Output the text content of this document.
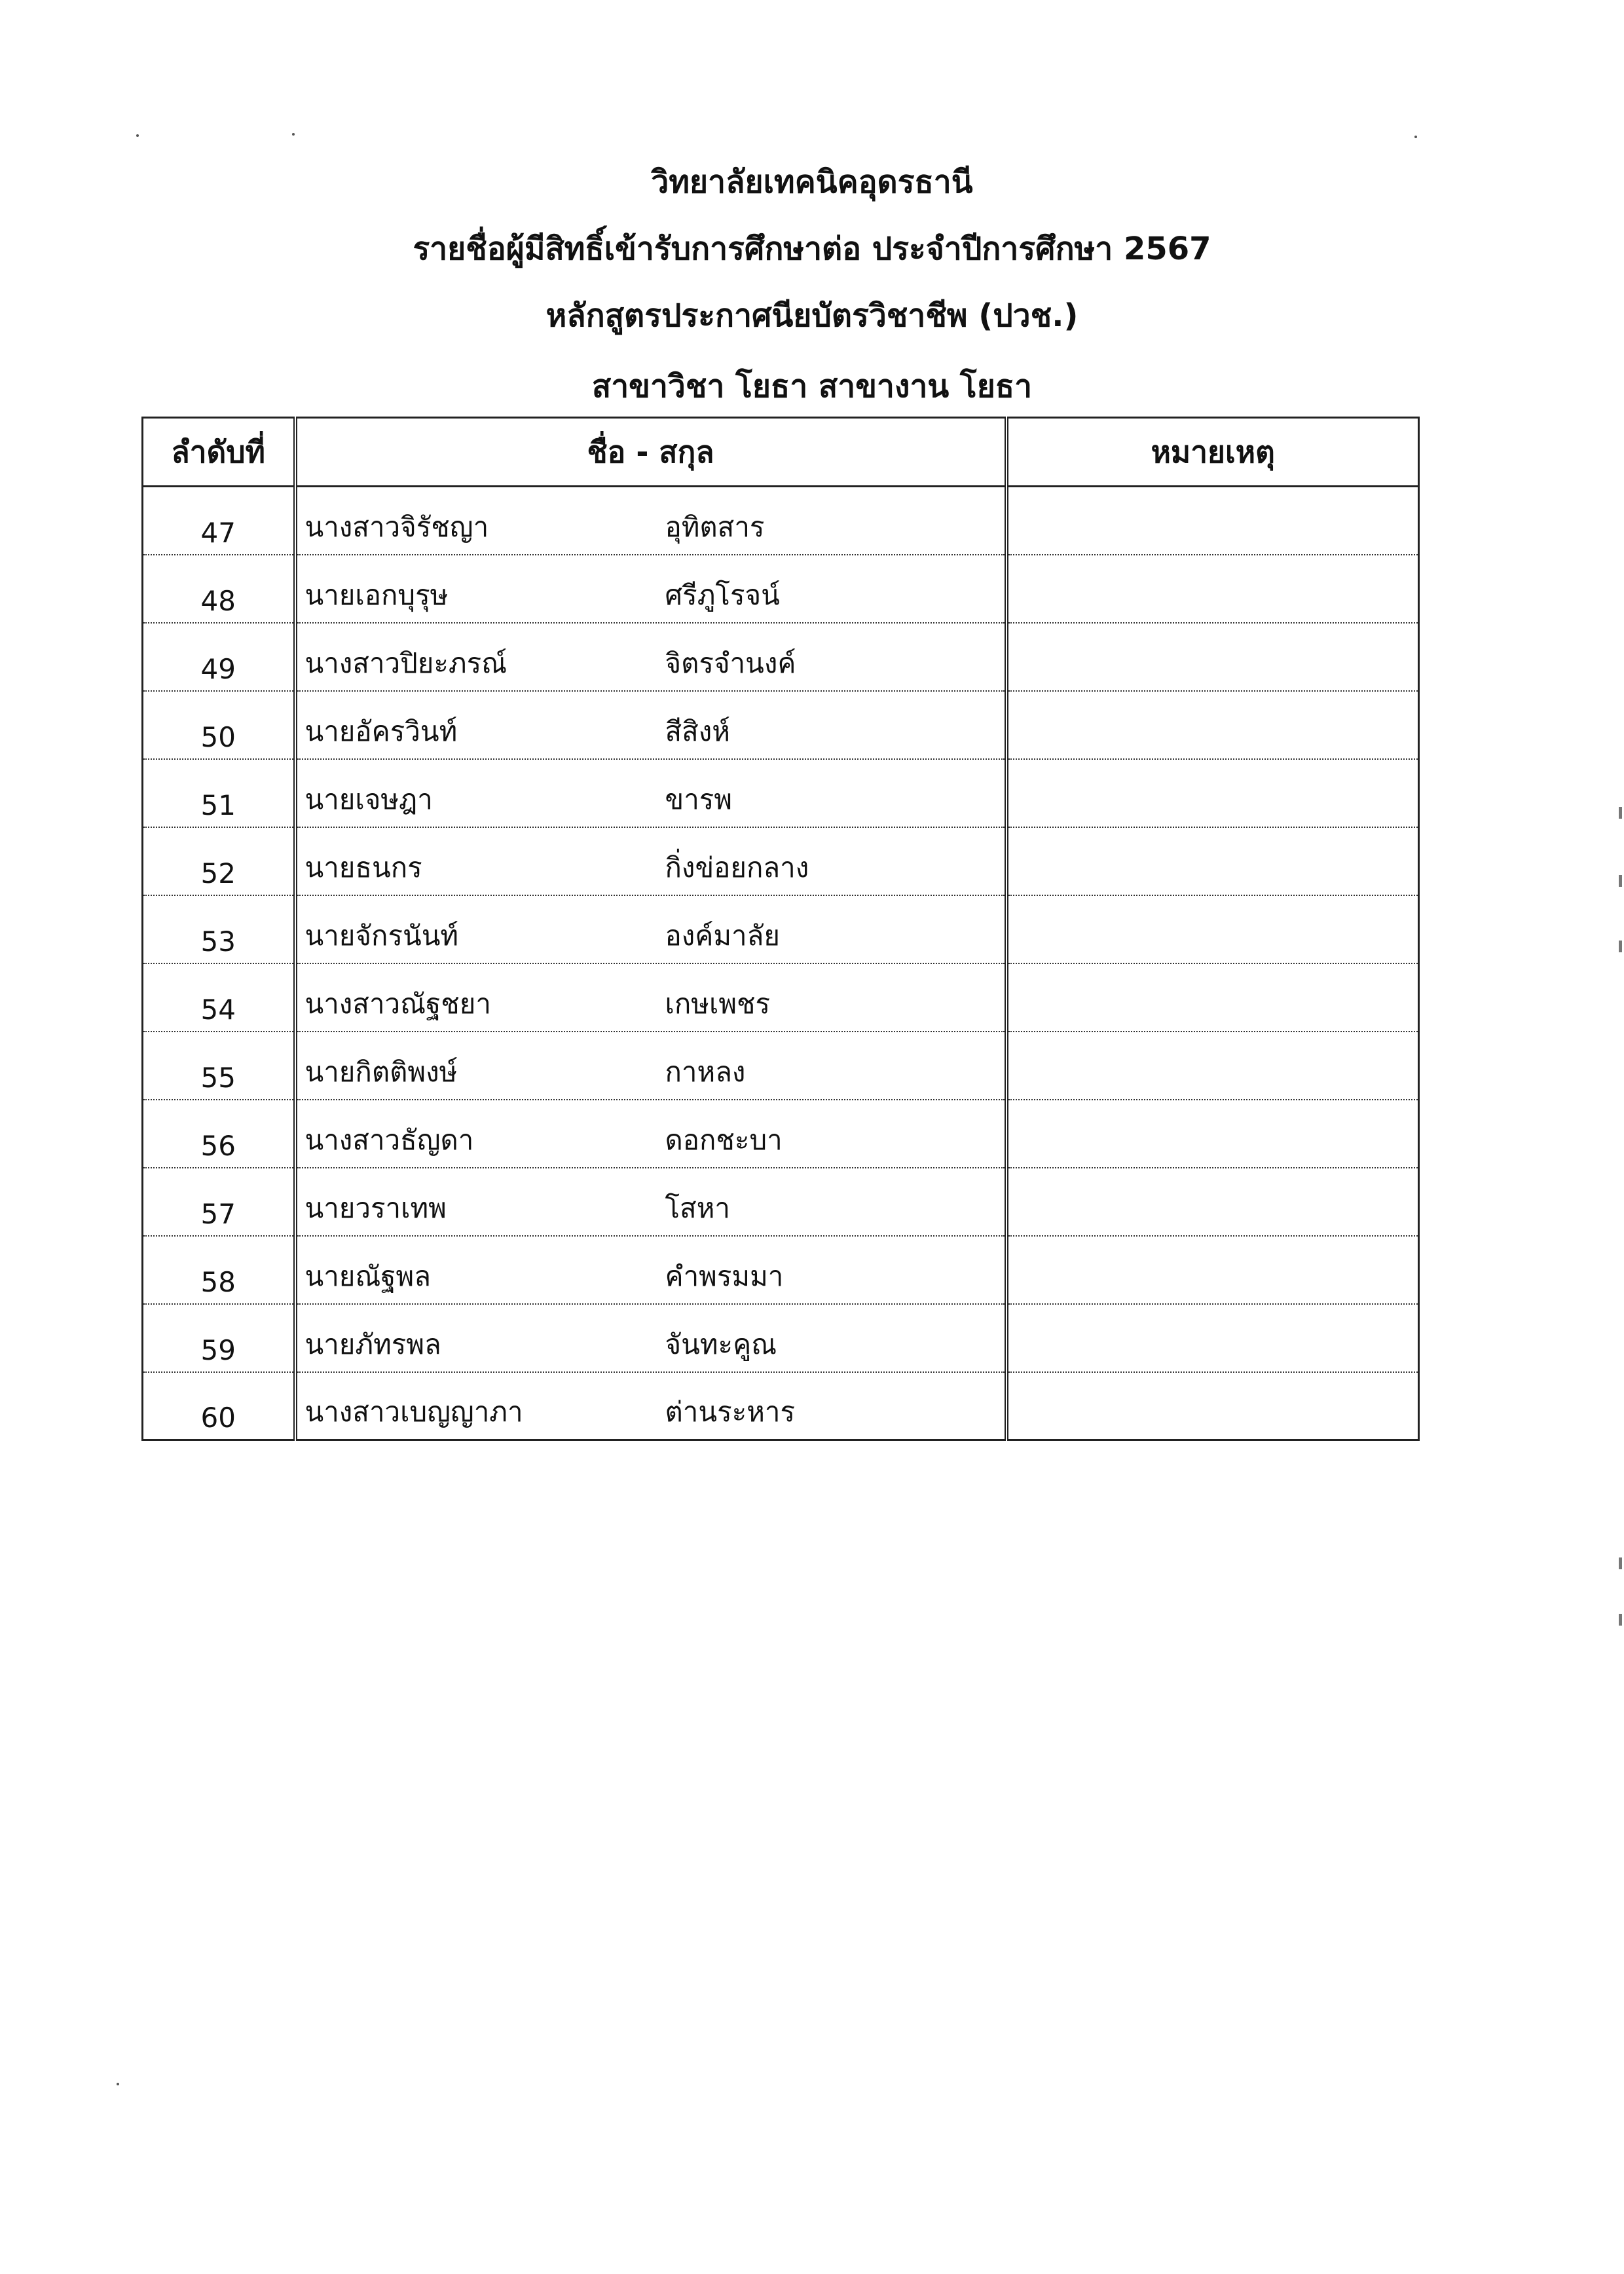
วิทยาลัยเทคนิคอุดรธานี
รายชื่อผู้มีสิทธิ์เข้ารับการศึกษาต่อ ประจำปีการศึกษา 2567
หลักสูตรประกาศนียบัตรวิชาชีพ (ปวช.)
สาขาวิชา โยธา สาขางาน โยธา
ลำดับที่	ชื่อ - สกุล	หมายเหตุ
47	นางสาวจิรัชญา อุทิตสาร	
48	นายเอกบุรุษ ศรีภูโรจน์	
49	นางสาวปิยะภรณ์ จิตรจำนงค์	
50	นายอัครวินท์ สีสิงห์	
51	นายเจษฎา ขารพ	
52	นายธนกร กิ่งข่อยกลาง	
53	นายจักรนันท์ องค์มาลัย	
54	นางสาวณัฐชยา เกษเพชร	
55	นายกิตติพงษ์ กาหลง	
56	นางสาวธัญดา ดอกชะบา	
57	นายวราเทพ โสหา	
58	นายณัฐพล คำพรมมา	
59	นายภัทรพล จันทะคูณ	
60	นางสาวเบญญาภา ต่านระหาร	
